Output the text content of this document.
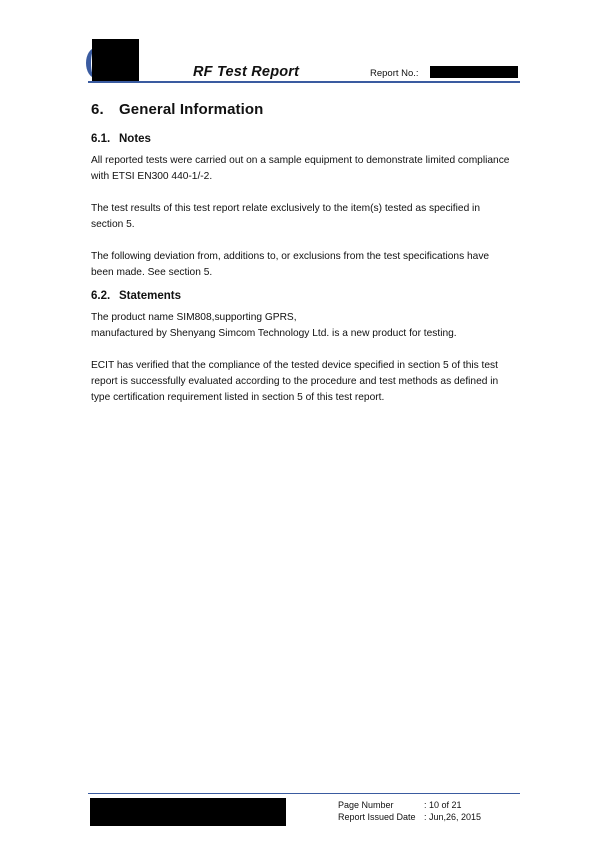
RF Test Report	Report No.:
6. General Information
6.1. Notes

All reported tests were carried out on a sample equipment to demonstrate limited compliance with ETSI EN300 440-1/-2.

The test results of this test report relate exclusively to the item(s) tested as specified in section 5.

The following deviation from, additions to, or exclusions from the test specifications have been made. See section 5.

6.2. Statements

The product name SIM808,supporting GPRS,

manufactured by Shenyang Simcom Technology Ltd. is a new product for testing.

ECIT has verified that the compliance of the tested device specified in section 5 of this test report is successfully evaluated according to the procedure and test methods as defined in type certification requirement listed in section 5 of this test report.

Page Number
Report Issued Date
: 10 of 21
: Jun,26, 2015
